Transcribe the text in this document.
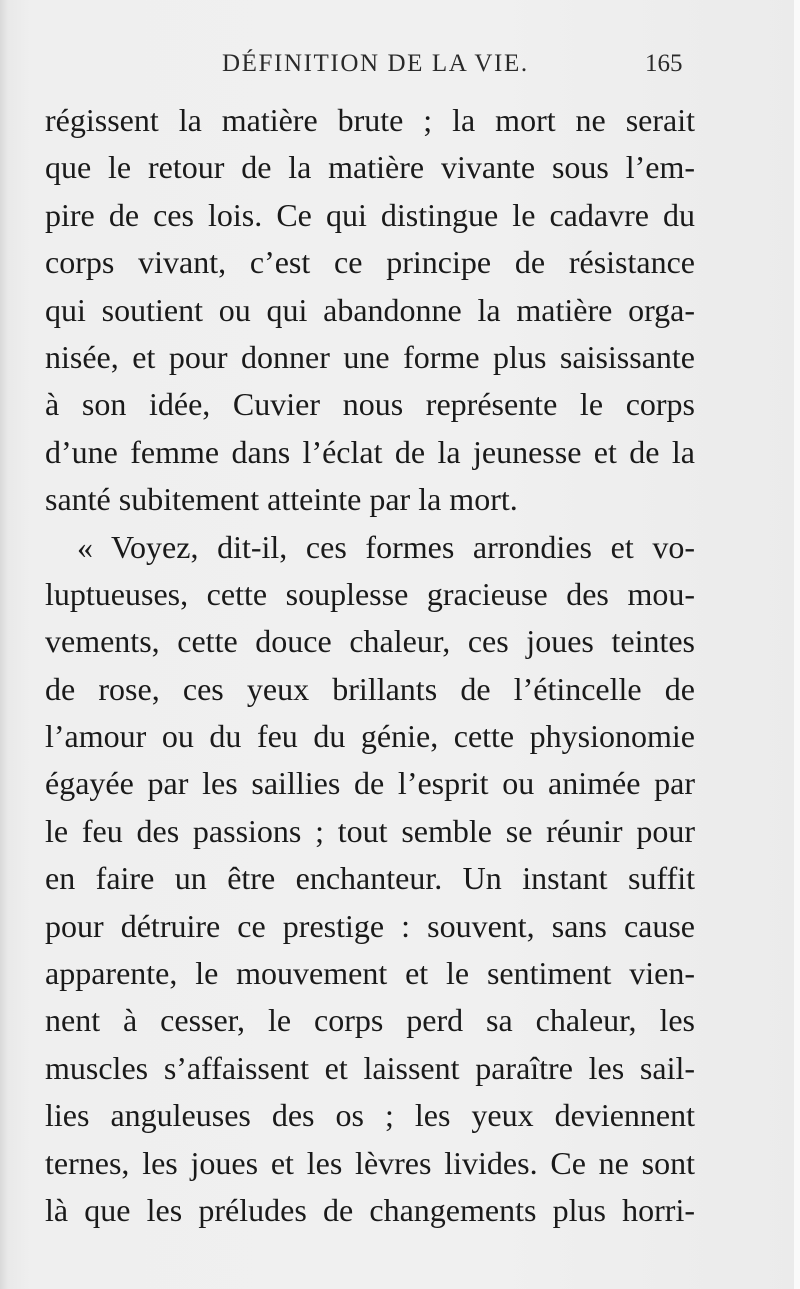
DÉFINITION DE LA VIE.	165
régissent la matière brute ; la mort ne serait
que le retour de la matière vivante sous l’em-
pire de ces lois. Ce qui distingue le cadavre du
corps vivant, c’est ce principe de résistance
qui soutient ou qui abandonne la matière orga-
nisée, et pour donner une forme plus saisissante
à son idée, Cuvier nous représente le corps
d’une femme dans l’éclat de la jeunesse et de la
santé subitement atteinte par la mort.
« Voyez, dit-il, ces formes arrondies et vo-
luptueuses, cette souplesse gracieuse des mou-
vements, cette douce chaleur, ces joues teintes
de rose, ces yeux brillants de l’étincelle de
l’amour ou du feu du génie, cette physionomie
égayée par les saillies de l’esprit ou animée par
le feu des passions ; tout semble se réunir pour
en faire un être enchanteur. Un instant suffit
pour détruire ce prestige : souvent, sans cause
apparente, le mouvement et le sentiment vien-
nent à cesser, le corps perd sa chaleur, les
muscles s’affaissent et laissent paraître les sail-
lies anguleuses des os ; les yeux deviennent
ternes, les joues et les lèvres livides. Ce ne sont
là que les préludes de changements plus horri-
